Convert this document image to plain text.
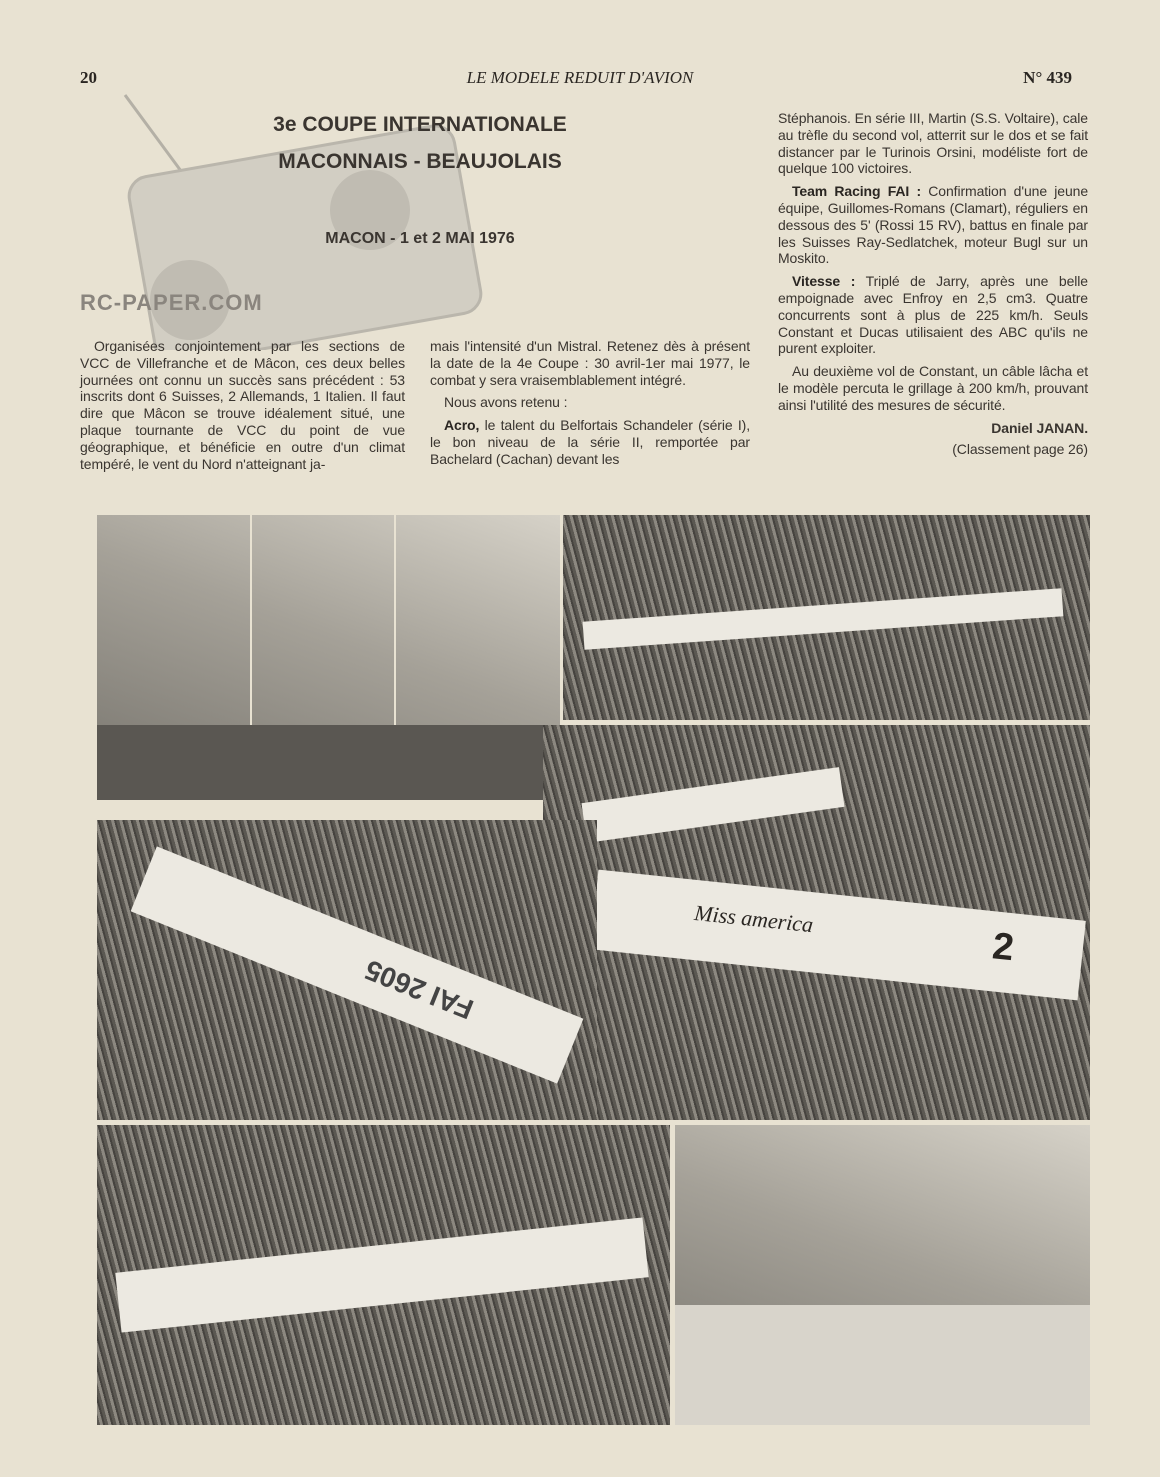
20	LE MODELE REDUIT D'AVION	N° 439
RC-PAPER.COM
3e COUPE INTERNATIONALE
MACONNAIS - BEAUJOLAIS
MACON - 1 et 2 MAI 1976

Organisées conjointement par les sections de VCC de Villefranche et de Mâcon, ces deux belles journées ont connu un succès sans précédent : 53 inscrits dont 6 Suisses, 2 Allemands, 1 Italien. Il faut dire que Mâcon se trouve idéalement situé, une plaque tournante de VCC du point de vue géographique, et bénéficie en outre d'un climat tempéré, le vent du Nord n'atteignant ja-

mais l'intensité d'un Mistral. Retenez dès à présent la date de la 4e Coupe : 30 avril-1er mai 1977, le combat y sera vraisemblablement intégré.

Nous avons retenu :

Acro, le talent du Belfortais Schandeler (série I), le bon niveau de la série II, remportée par Bachelard (Cachan) devant les

Stéphanois. En série III, Martin (S.S. Voltaire), cale au trèfle du second vol, atterrit sur le dos et se fait distancer par le Turinois Orsini, modéliste fort de quelque 100 victoires.

Team Racing FAI : Confirmation d'une jeune équipe, Guillomes-Romans (Clamart), réguliers en dessous des 5' (Rossi 15 RV), battus en finale par les Suisses Ray-Sedlatchek, moteur Bugl sur un Moskito.

Vitesse : Triplé de Jarry, après une belle empoignade avec Enfroy en 2,5 cm3. Quatre concurrents sont à plus de 225 km/h. Seuls Constant et Ducas utilisaient des ABC qu'ils ne purent exploiter.

Au deuxième vol de Constant, un câble lâcha et le modèle percuta le grillage à 200 km/h, prouvant ainsi l'utilité des mesures de sécurité.

Daniel JANAN.
(Classement page 26)
Miss america
2
FAI 2605
